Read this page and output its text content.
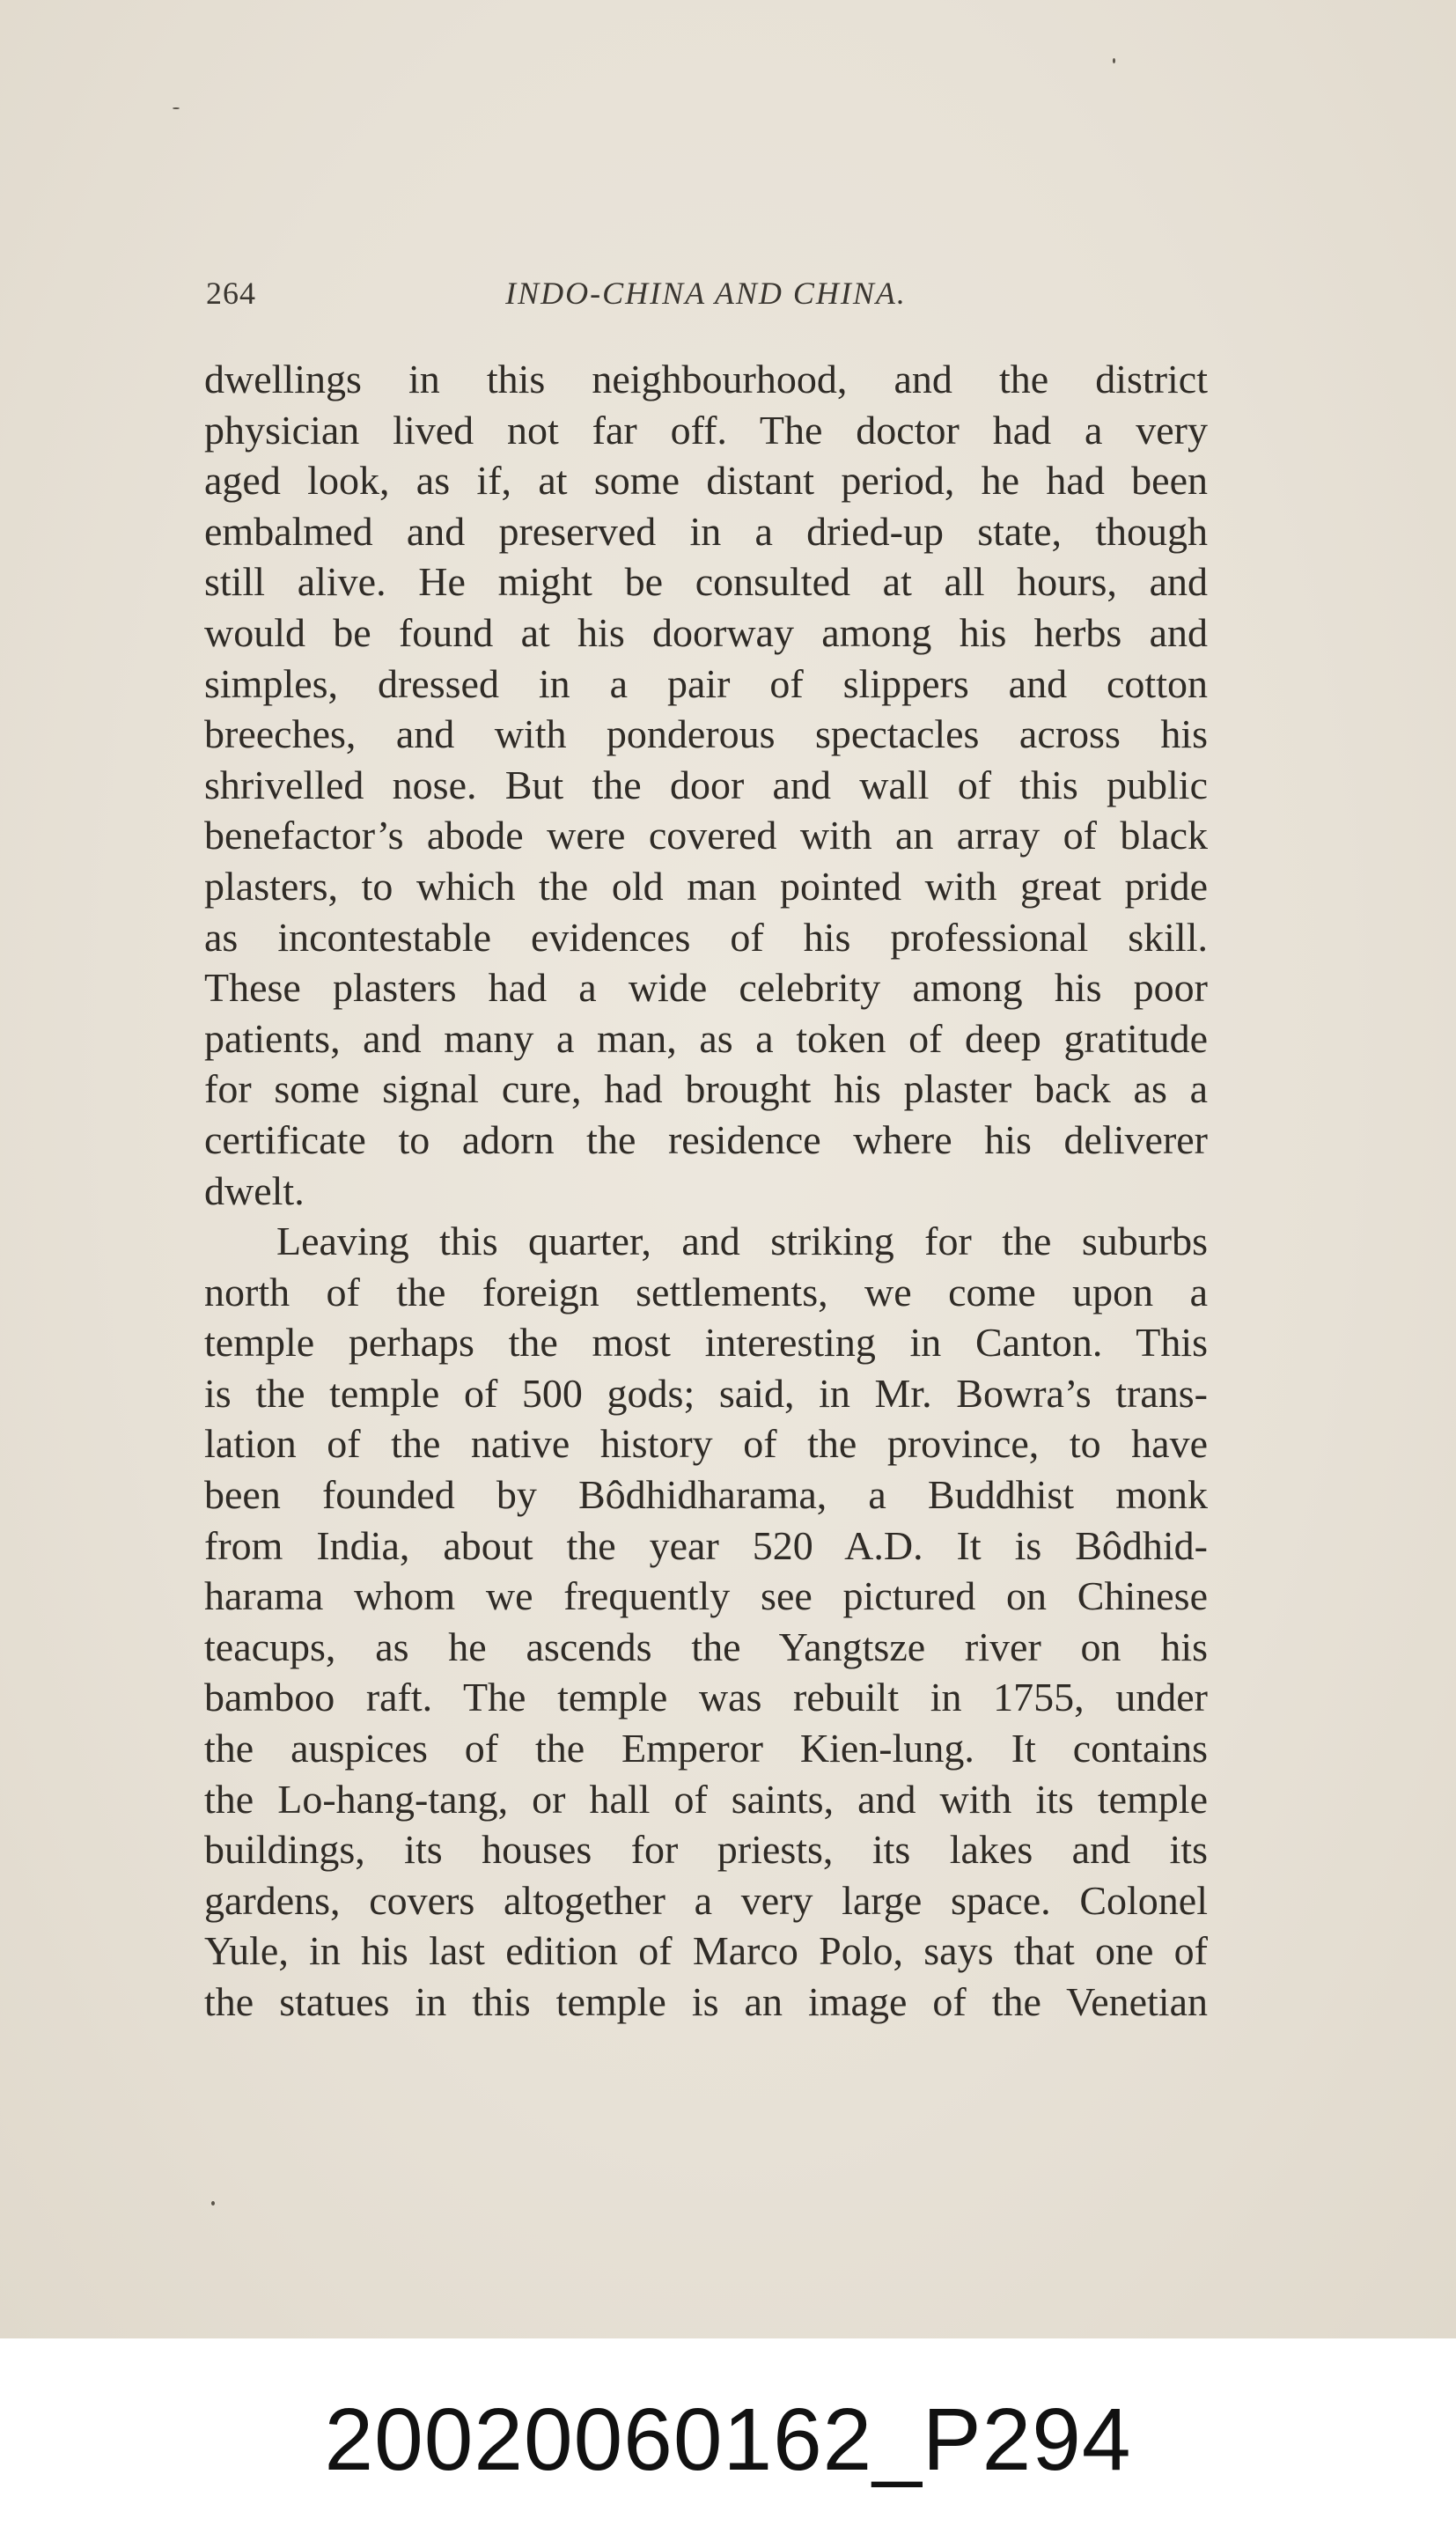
264	INDO-CHINA AND CHINA.
dwellings in this neighbourhood, and the district
physician lived not far off. The doctor had a very
aged look, as if, at some distant period, he had been
embalmed and preserved in a dried-up state, though
still alive. He might be consulted at all hours, and
would be found at his doorway among his herbs and
simples, dressed in a pair of slippers and cotton
breeches, and with ponderous spectacles across his
shrivelled nose. But the door and wall of this public
benefactor’s abode were covered with an array of black
plasters, to which the old man pointed with great pride
as incontestable evidences of his professional skill.
These plasters had a wide celebrity among his poor
patients, and many a man, as a token of deep gratitude
for some signal cure, had brought his plaster back as a
certificate to adorn the residence where his deliverer
dwelt.
Leaving this quarter, and striking for the suburbs
north of the foreign settlements, we come upon a
temple perhaps the most interesting in Canton. This
is the temple of 500 gods; said, in Mr. Bowra’s trans-
lation of the native history of the province, to have
been founded by Bôdhidharama, a Buddhist monk
from India, about the year 520 A.D. It is Bôdhid-
harama whom we frequently see pictured on Chinese
teacups, as he ascends the Yangtsze river on his
bamboo raft. The temple was rebuilt in 1755, under
the auspices of the Emperor Kien-lung. It contains
the Lo-hang-tang, or hall of saints, and with its temple
buildings, its houses for priests, its lakes and its
gardens, covers altogether a very large space. Colonel
Yule, in his last edition of Marco Polo, says that one of
the statues in this temple is an image of the Venetian
20020060162_P294
